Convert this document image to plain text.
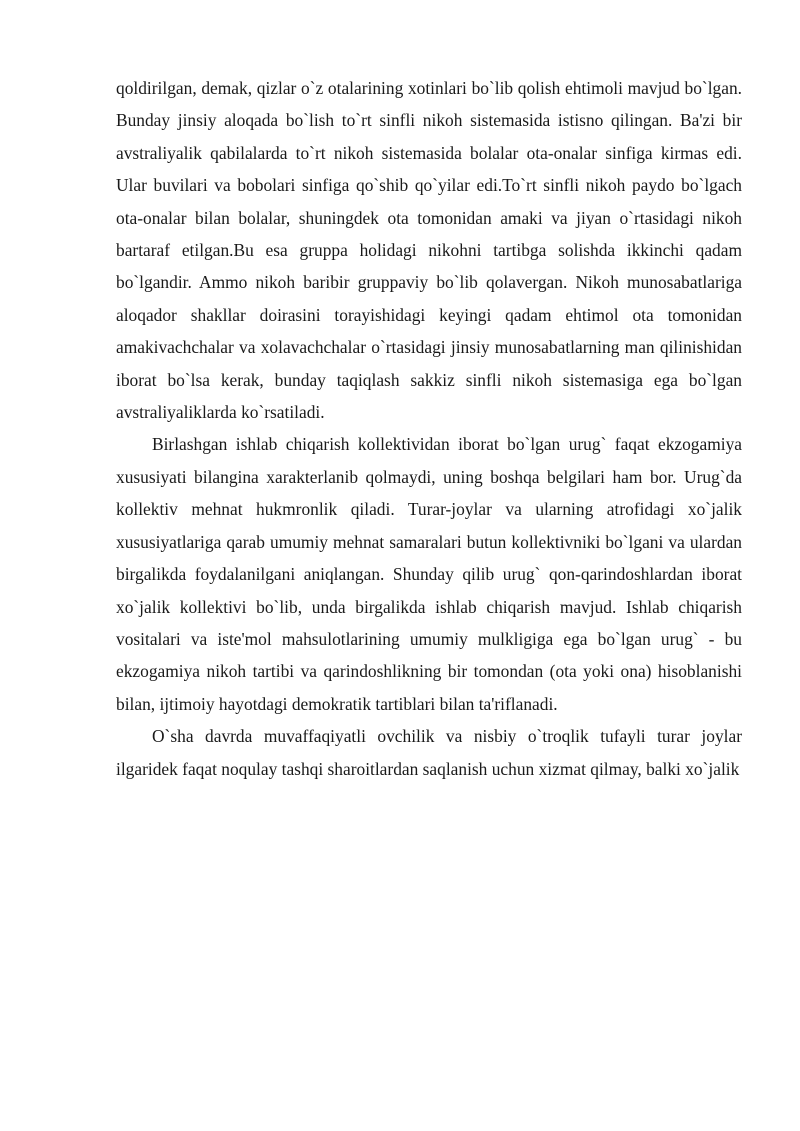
qoldirilgan, demak, qizlar o`z otalarining xotinlari bo`lib qolish ehtimoli mavjud bo`lgan. Bunday jinsiy aloqada bo`lish to`rt sinfli nikoh sistemasida istisno qilingan. Ba'zi bir avstraliyalik qabilalarda to`rt nikoh sistemasida bolalar ota-onalar sinfiga kirmas edi. Ular buvilari va bobolari sinfiga qo`shib qo`yilar edi.To`rt sinfli nikoh paydo bo`lgach ota-onalar bilan bolalar, shuningdek ota tomonidan amaki va jiyan o`rtasidagi nikoh bartaraf etilgan.Bu esa gruppa holidagi nikohni tartibga solishda ikkinchi qadam bo`lgandir. Ammo nikoh baribir gruppaviy bo`lib qolavergan. Nikoh munosabatlariga aloqador shakllar doirasini torayishidagi keyingi qadam ehtimol ota tomonidan amakivachchalar va xolavachchalar o`rtasidagi jinsiy munosabatlarning man qilinishidan iborat bo`lsa kerak, bunday taqiqlash sakkiz sinfli nikoh sistemasiga ega bo`lgan avstraliyaliklarda ko`rsatiladi.

Birlashgan ishlab chiqarish kollektividan iborat bo`lgan urug` faqat ekzogamiya xususiyati bilangina xarakterlanib qolmaydi, uning boshqa belgilari ham bor. Urug`da kollektiv mehnat hukmronlik qiladi. Turar-joylar va ularning atrofidagi xo`jalik xususiyatlariga qarab umumiy mehnat samaralari butun kollektivniki bo`lgani va ulardan birgalikda foydalanilgani aniqlangan. Shunday qilib urug` qon-qarindoshlardan iborat xo`jalik kollektivi bo`lib, unda birgalikda ishlab chiqarish mavjud. Ishlab chiqarish vositalari va iste'mol mahsulotlarining umumiy mulkligiga ega bo`lgan urug` - bu ekzogamiya nikoh tartibi va qarindoshlikning bir tomondan (ota yoki ona) hisoblanishi bilan, ijtimoiy hayotdagi demokratik tartiblari bilan ta'riflanadi.

O`sha davrda muvaffaqiyatli ovchilik va nisbiy o`troqlik tufayli turar joylar ilgaridek faqat noqulay tashqi sharoitlardan saqlanish uchun xizmat qilmay, balki xo`jalik
